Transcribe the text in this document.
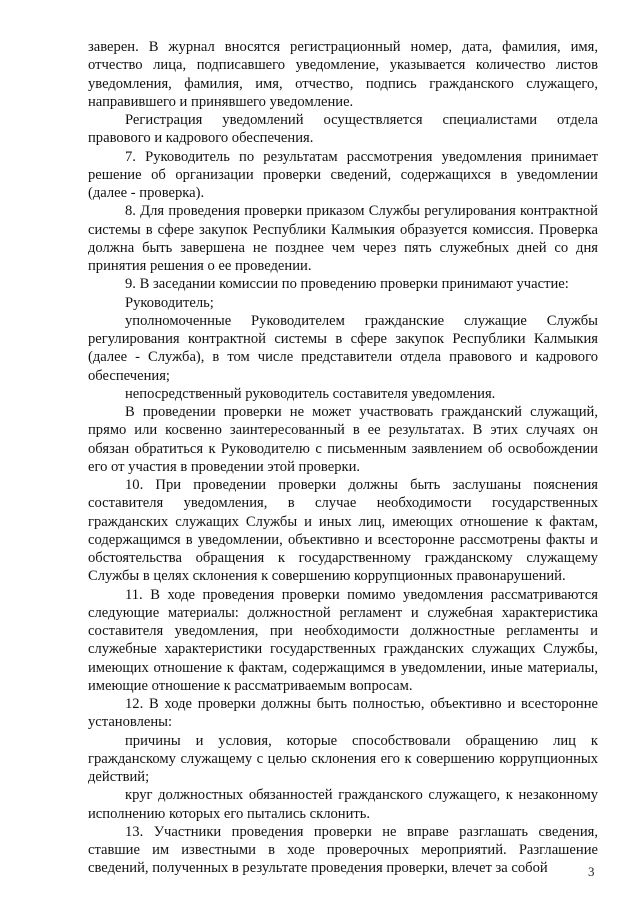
заверен. В журнал вносятся регистрационный номер, дата, фамилия, имя, отчество лица, подписавшего уведомление, указывается количество листов уведомления, фамилия, имя, отчество, подпись гражданского служащего, направившего и принявшего уведомление.

Регистрация уведомлений осуществляется специалистами отдела правового и кадрового обеспечения.

7. Руководитель по результатам рассмотрения уведомления принимает решение об организации проверки сведений, содержащихся в уведомлении (далее - проверка).

8. Для проведения проверки приказом Службы регулирования контрактной системы в сфере закупок Республики Калмыкия образуется комиссия. Проверка должна быть завершена не позднее чем через пять служебных дней со дня принятия решения о ее проведении.

9. В заседании комиссии по проведению проверки принимают участие:

Руководитель;

уполномоченные Руководителем гражданские служащие Службы регулирования контрактной системы в сфере закупок Республики Калмыкия (далее - Служба), в том числе представители отдела правового и кадрового обеспечения;

непосредственный руководитель составителя уведомления.

В проведении проверки не может участвовать гражданский служащий, прямо или косвенно заинтересованный в ее результатах. В этих случаях он обязан обратиться к Руководителю с письменным заявлением об освобождении его от участия в проведении этой проверки.

10. При проведении проверки должны быть заслушаны пояснения составителя уведомления, в случае необходимости государственных гражданских служащих Службы и иных лиц, имеющих отношение к фактам, содержащимся в уведомлении, объективно и всесторонне рассмотрены факты и обстоятельства обращения к государственному гражданскому служащему Службы в целях склонения к совершению коррупционных правонарушений.

11. В ходе проведения проверки помимо уведомления рассматриваются следующие материалы: должностной регламент и служебная характеристика составителя уведомления, при необходимости должностные регламенты и служебные характеристики государственных гражданских служащих Службы, имеющих отношение к фактам, содержащимся в уведомлении, иные материалы, имеющие отношение к рассматриваемым вопросам.

12. В ходе проверки должны быть полностью, объективно и всесторонне установлены:

причины и условия, которые способствовали обращению лиц к гражданскому служащему с целью склонения его к совершению коррупционных действий;

круг должностных обязанностей гражданского служащего, к незаконному исполнению которых его пытались склонить.

13. Участники проведения проверки не вправе разглашать сведения, ставшие им известными в ходе проверочных мероприятий. Разглашение сведений, полученных в результате проведения проверки, влечет за собой	3
